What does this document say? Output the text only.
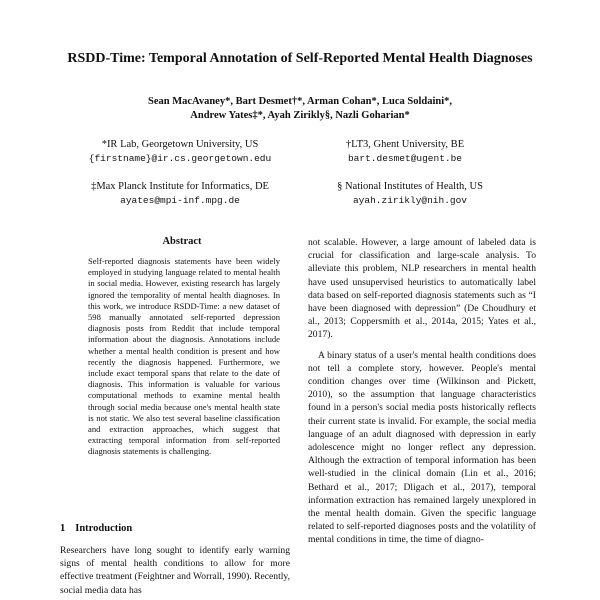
RSDD-Time: Temporal Annotation of Self-Reported Mental Health Diagnoses
Sean MacAvaney*, Bart Desmet†*, Arman Cohan*, Luca Soldaini*,
Andrew Yates‡*, Ayah Zirikly§, Nazli Goharian*
*IR Lab, Georgetown University, US
{firstname}@ir.cs.georgetown.edu
†LT3, Ghent University, BE
bart.desmet@ugent.be
‡Max Planck Institute for Informatics, DE
ayates@mpi-inf.mpg.de
§ National Institutes of Health, US
ayah.zirikly@nih.gov
Abstract

Self-reported diagnosis statements have been widely employed in studying language related to mental health in social media. However, existing research has largely ignored the temporality of mental health diagnoses. In this work, we introduce RSDD-Time: a new dataset of 598 manually annotated self-reported depression diagnosis posts from Reddit that include temporal information about the diagnosis. Annotations include whether a mental health condition is present and how recently the diagnosis happened. Furthermore, we include exact temporal spans that relate to the date of diagnosis. This information is valuable for various computational methods to examine mental health through social media because one's mental health state is not static. We also test several baseline classification and extraction approaches, which suggest that extracting temporal information from self-reported diagnosis statements is challenging.

1 Introduction

Researchers have long sought to identify early warning signs of mental health conditions to allow for more effective treatment (Feightner and Worrall, 1990). Recently, social media data has

not scalable. However, a large amount of labeled data is crucial for classification and large-scale analysis. To alleviate this problem, NLP researchers in mental health have used unsupervised heuristics to automatically label data based on self-reported diagnosis statements such as “I have been diagnosed with depression” (De Choudhury et al., 2013; Coppersmith et al., 2014a, 2015; Yates et al., 2017).

A binary status of a user's mental health conditions does not tell a complete story, however. People's mental condition changes over time (Wilkinson and Pickett, 2010), so the assumption that language characteristics found in a person's social media posts historically reflects their current state is invalid. For example, the social media language of an adult diagnosed with depression in early adolescence might no longer reflect any depression. Although the extraction of temporal information has been well-studied in the clinical domain (Lin et al., 2016; Bethard et al., 2017; Dligach et al., 2017), temporal information extraction has remained largely unexplored in the mental health domain. Given the specific language related to self-reported diagnoses posts and the volatility of mental conditions in time, the time of diagno-
